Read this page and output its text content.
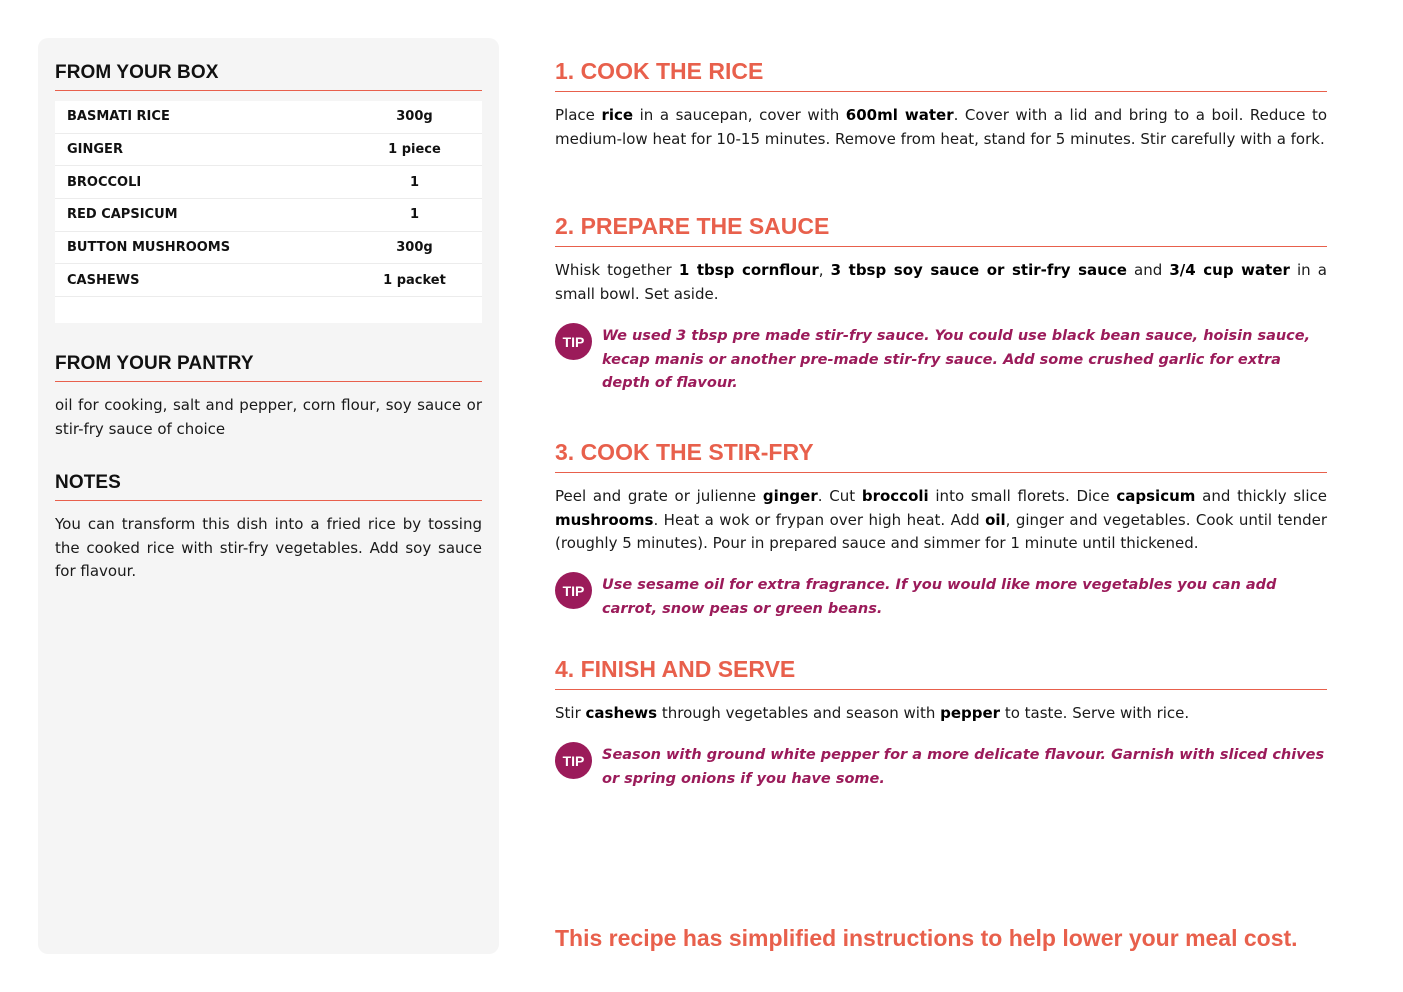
FROM YOUR BOX
BASMATI RICE	300g
GINGER	1 piece
BROCCOLI	1
RED CAPSICUM	1
BUTTON MUSHROOMS	300g
CASHEWS	1 packet
FROM YOUR PANTRY
oil for cooking, salt and pepper, corn flour, soy sauce or stir-fry sauce of choice
NOTES
You can transform this dish into a fried rice by tossing the cooked rice with stir-fry vegetables. Add soy sauce for flavour.
1. COOK THE RICE
Place rice in a saucepan, cover with 600ml water. Cover with a lid and bring to a boil. Reduce to medium-low heat for 10-15 minutes. Remove from heat, stand for 5 minutes. Stir carefully with a fork.
2. PREPARE THE SAUCE
Whisk together 1 tbsp cornflour, 3 tbsp soy sauce or stir-fry sauce and 3/4 cup water in a small bowl. Set aside.
TIP	We used 3 tbsp pre made stir-fry sauce. You could use black bean sauce, hoisin sauce, kecap manis or another pre-made stir-fry sauce. Add some crushed garlic for extra depth of flavour.
3. COOK THE STIR-FRY
Peel and grate or julienne ginger. Cut broccoli into small florets. Dice capsicum and thickly slice mushrooms. Heat a wok or frypan over high heat. Add oil, ginger and vegetables. Cook until tender (roughly 5 minutes). Pour in prepared sauce and simmer for 1 minute until thickened.
TIP	Use sesame oil for extra fragrance. If you would like more vegetables you can add carrot, snow peas or green beans.
4. FINISH AND SERVE
Stir cashews through vegetables and season with pepper to taste. Serve with rice.
TIP	Season with ground white pepper for a more delicate flavour. Garnish with sliced chives or spring onions if you have some.
This recipe has simplified instructions to help lower your meal cost.
